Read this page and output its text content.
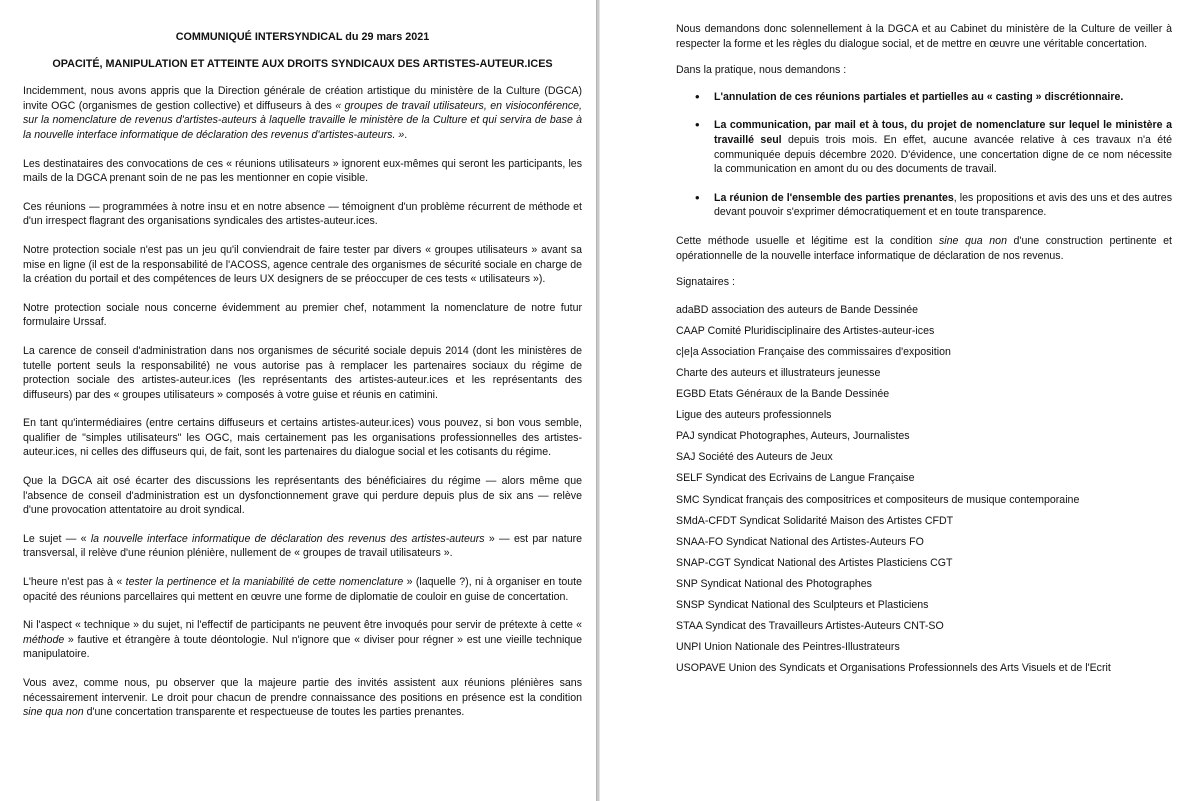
COMMUNIQUÉ INTERSYNDICAL du 29 mars 2021
OPACITÉ, MANIPULATION ET ATTEINTE AUX DROITS SYNDICAUX DES ARTISTES-AUTEUR.ICES

Incidemment, nous avons appris que la Direction générale de création artistique du ministère de la Culture (DGCA) invite OGC (organismes de gestion collective) et diffuseurs à des « groupes de travail utilisateurs, en visioconférence, sur la nomenclature de revenus d'artistes-auteurs à laquelle travaille le ministère de la Culture et qui servira de base à la nouvelle interface informatique de déclaration des revenus d'artistes-auteurs. ».

Les destinataires des convocations de ces « réunions utilisateurs » ignorent eux-mêmes qui seront les participants, les mails de la DGCA prenant soin de ne pas les mentionner en copie visible.

Ces réunions — programmées à notre insu et en notre absence — témoignent d'un problème récurrent de méthode et d'un irrespect flagrant des organisations syndicales des artistes-auteur.ices.

Notre protection sociale n'est pas un jeu qu'il conviendrait de faire tester par divers « groupes utilisateurs » avant sa mise en ligne (il est de la responsabilité de l'ACOSS, agence centrale des organismes de sécurité sociale en charge de la création du portail et des compétences de leurs UX designers de se préoccuper de ces tests « utilisateurs »).

Notre protection sociale nous concerne évidemment au premier chef, notamment la nomenclature de notre futur formulaire Urssaf.

La carence de conseil d'administration dans nos organismes de sécurité sociale depuis 2014 (dont les ministères de tutelle portent seuls la responsabilité) ne vous autorise pas à remplacer les partenaires sociaux du régime de protection sociale des artistes-auteur.ices (les représentants des artistes-auteur.ices et les représentants des diffuseurs) par des « groupes utilisateurs » composés à votre guise et réunis en catimini.

En tant qu'intermédiaires (entre certains diffuseurs et certains artistes-auteur.ices) vous pouvez, si bon vous semble, qualifier de "simples utilisateurs" les OGC, mais certainement pas les organisations professionnelles des artistes-auteur.ices, ni celles des diffuseurs qui, de fait, sont les partenaires du dialogue social et les cotisants du régime.

Que la DGCA ait osé écarter des discussions les représentants des bénéficiaires du régime — alors même que l'absence de conseil d'administration est un dysfonctionnement grave qui perdure depuis plus de six ans — relève d'une provocation attentatoire au droit syndical.

Le sujet — « la nouvelle interface informatique de déclaration des revenus des artistes-auteurs » — est par nature transversal, il relève d'une réunion plénière, nullement de « groupes de travail utilisateurs ».

L'heure n'est pas à « tester la pertinence et la maniabilité de cette nomenclature » (laquelle ?), ni à organiser en toute opacité des réunions parcellaires qui mettent en œuvre une forme de diplomatie de couloir en guise de concertation.

Ni l'aspect « technique » du sujet, ni l'effectif de participants ne peuvent être invoqués pour servir de prétexte à cette « méthode » fautive et étrangère à toute déontologie. Nul n'ignore que « diviser pour régner » est une vieille technique manipulatoire.

Vous avez, comme nous, pu observer que la majeure partie des invités assistent aux réunions plénières sans nécessairement intervenir. Le droit pour chacun de prendre connaissance des positions en présence est la condition sine qua non d'une concertation transparente et respectueuse de toutes les parties prenantes.

Nous demandons donc solennellement à la DGCA et au Cabinet du ministère de la Culture de veiller à respecter la forme et les règles du dialogue social, et de mettre en œuvre une véritable concertation.

Dans la pratique, nous demandons :

• L'annulation de ces réunions partiales et partielles au « casting » discrétionnaire.
• La communication, par mail et à tous, du projet de nomenclature sur lequel le ministère a travaillé seul depuis trois mois. En effet, aucune avancée relative à ces travaux n'a été communiquée depuis décembre 2020. D'évidence, une concertation digne de ce nom nécessite la communication en amont du ou des documents de travail.
• La réunion de l'ensemble des parties prenantes, les propositions et avis des uns et des autres devant pouvoir s'exprimer démocratiquement et en toute transparence.

Cette méthode usuelle et légitime est la condition sine qua non d'une construction pertinente et opérationnelle de la nouvelle interface informatique de déclaration de nos revenus.

Signataires :

adaBD association des auteurs de Bande Dessinée
CAAP Comité Pluridisciplinaire des Artistes-auteur-ices
c|e|a Association Française des commissaires d'exposition
Charte des auteurs et illustrateurs jeunesse
EGBD Etats Généraux de la Bande Dessinée
Ligue des auteurs professionnels
PAJ syndicat Photographes, Auteurs, Journalistes
SAJ Société des Auteurs de Jeux
SELF Syndicat des Ecrivains de Langue Française
SMC Syndicat français des compositrices et compositeurs de musique contemporaine
SMdA-CFDT Syndicat Solidarité Maison des Artistes CFDT
SNAA-FO Syndicat National des Artistes-Auteurs FO
SNAP-CGT Syndicat National des Artistes Plasticiens CGT
SNP Syndicat National des Photographes
SNSP Syndicat National des Sculpteurs et Plasticiens
STAA Syndicat des Travailleurs Artistes-Auteurs CNT-SO
UNPI Union Nationale des Peintres-Illustrateurs
USOPAVE Union des Syndicats et Organisations Professionnels des Arts Visuels et de l'Ecrit
